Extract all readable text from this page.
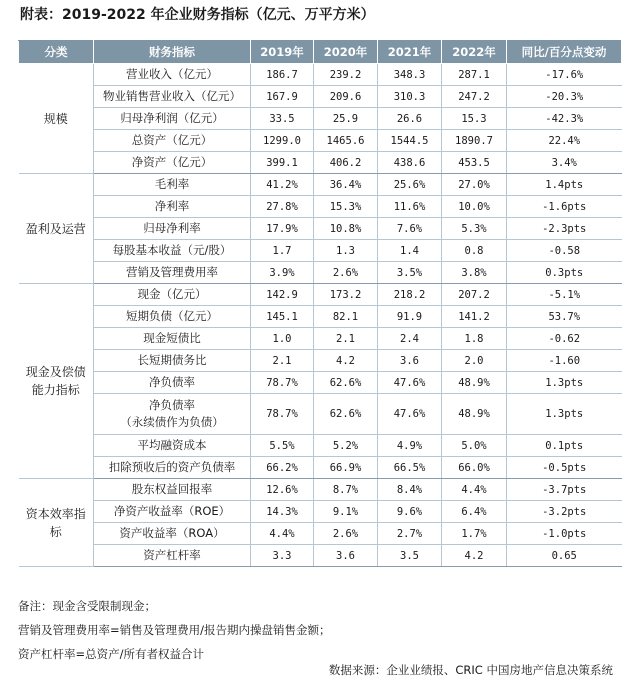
附表：2019-2022 年企业财务指标（亿元、万平方米）
分类	财务指标	2019年	2020年	2021年	2022年	同比/百分点变动

规模	营业收入（亿元）	186.7	239.2	348.3	287.1	-17.6%

	物业销售营业收入（亿元）	167.9	209.6	310.3	247.2	-20.3%

	归母净利润（亿元）	33.5	25.9	26.6	15.3	-42.3%

	总资产（亿元）	1299.0	1465.6	1544.5	1890.7	22.4%

	净资产（亿元）	399.1	406.2	438.6	453.5	3.4%

盈利及运营	毛利率	41.2%	36.4%	25.6%	27.0%	1.4pts

	净利率	27.8%	15.3%	11.6%	10.0%	-1.6pts

	归母净利率	17.9%	10.8%	7.6%	5.3%	-2.3pts

	每股基本收益（元/股）	1.7	1.3	1.4	0.8	-0.58

	营销及管理费用率	3.9%	2.6%	3.5%	3.8%	0.3pts

现金及偿债
能力指标	现金（亿元）	142.9	173.2	218.2	207.2	-5.1%

	短期负债（亿元）	145.1	82.1	91.9	141.2	53.7%

	现金短债比	1.0	2.1	2.4	1.8	-0.62

	长短期债务比	2.1	4.2	3.6	2.0	-1.60

	净负债率	78.7%	62.6%	47.6%	48.9%	1.3pts

	净负债率
（永续债作为负债）	78.7%	62.6%	47.6%	48.9%	1.3pts

	平均融资成本	5.5%	5.2%	4.9%	5.0%	0.1pts

	扣除预收后的资产负债率	66.2%	66.9%	66.5%	66.0%	-0.5pts

资本效率指
标	股东权益回报率	12.6%	8.7%	8.4%	4.4%	-3.7pts

	净资产收益率（ROE）	14.3%	9.1%	9.6%	6.4%	-3.2pts

	资产收益率（ROA）	4.4%	2.6%	2.7%	1.7%	-1.0pts

	资产杠杆率	3.3	3.6	3.5	4.2	0.65
备注：现金含受限制现金；
营销及管理费用率=销售及管理费用/报告期内操盘销售金额；
资产杠杆率=总资产/所有者权益合计
数据来源：企业业绩报、CRIC 中国房地产信息决策系统
